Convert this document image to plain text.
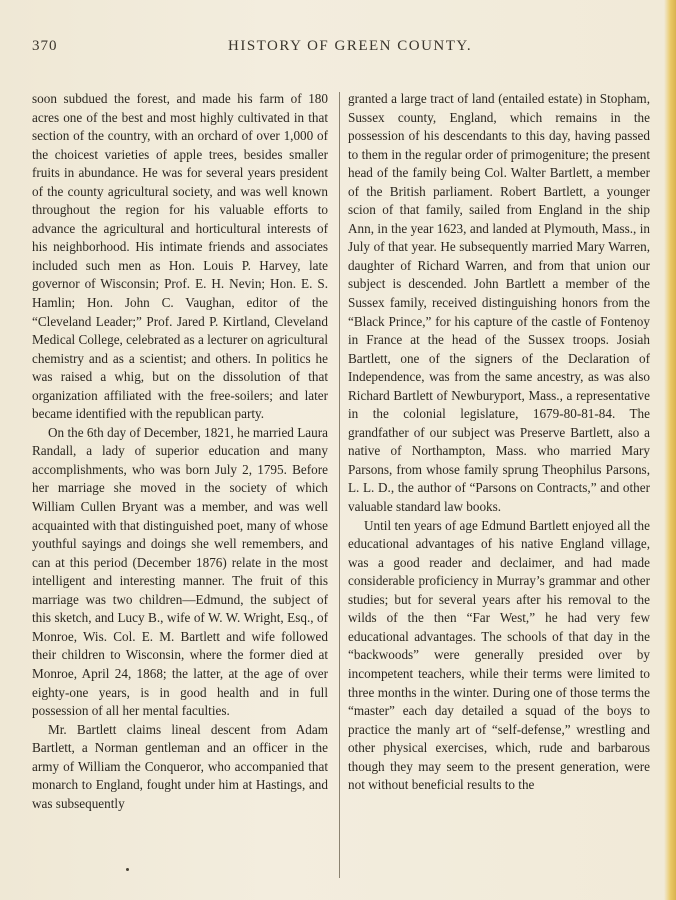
370	HISTORY OF GREEN COUNTY.

soon subdued the forest, and made his farm of 180 acres one of the best and most highly cultivated in that section of the country, with an orchard of over 1,000 of the choicest varieties of apple trees, besides smaller fruits in abundance. He was for several years president of the county agricultural society, and was well known throughout the region for his valuable efforts to advance the agricultural and horticultural interests of his neighborhood. His intimate friends and associates included such men as Hon. Louis P. Harvey, late governor of Wisconsin; Prof. E. H. Nevin; Hon. E. S. Hamlin; Hon. John C. Vaughan, editor of the “Cleveland Leader;” Prof. Jared P. Kirtland, Cleveland Medical College, celebrated as a lecturer on agricultural chemistry and as a scientist; and others. In politics he was raised a whig, but on the dissolution of that organization affiliated with the free-soilers; and later became identified with the republican party.

On the 6th day of December, 1821, he married Laura Randall, a lady of superior education and many accomplishments, who was born July 2, 1795. Before her marriage she moved in the society of which William Cullen Bryant was a member, and was well acquainted with that distinguished poet, many of whose youthful sayings and doings she well remembers, and can at this period (December 1876) relate in the most intelligent and interesting manner. The fruit of this marriage was two children—Edmund, the subject of this sketch, and Lucy B., wife of W. W. Wright, Esq., of Monroe, Wis. Col. E. M. Bartlett and wife followed their children to Wisconsin, where the former died at Monroe, April 24, 1868; the latter, at the age of over eighty-one years, is in good health and in full possession of all her mental faculties.

Mr. Bartlett claims lineal descent from Adam Bartlett, a Norman gentleman and an officer in the army of William the Conqueror, who accompanied that monarch to England, fought under him at Hastings, and was subsequently

granted a large tract of land (entailed estate) in Stopham, Sussex county, England, which remains in the possession of his descendants to this day, having passed to them in the regular order of primogeniture; the present head of the family being Col. Walter Bartlett, a member of the British parliament. Robert Bartlett, a younger scion of that family, sailed from England in the ship Ann, in the year 1623, and landed at Plymouth, Mass., in July of that year. He subsequently married Mary Warren, daughter of Richard Warren, and from that union our subject is descended. John Bartlett a member of the Sussex family, received distinguishing honors from the “Black Prince,” for his capture of the castle of Fontenoy in France at the head of the Sussex troops. Josiah Bartlett, one of the signers of the Declaration of Independence, was from the same ancestry, as was also Richard Bartlett of Newburyport, Mass., a representative in the colonial legislature, 1679-80-81-84. The grandfather of our subject was Preserve Bartlett, also a native of Northampton, Mass. who married Mary Parsons, from whose family sprung Theophilus Parsons, L. L. D., the author of “Parsons on Contracts,” and other valuable standard law books.

Until ten years of age Edmund Bartlett enjoyed all the educational advantages of his native England village, was a good reader and declaimer, and had made considerable proficiency in Murray’s grammar and other studies; but for several years after his removal to the wilds of the then “Far West,” he had very few educational advantages. The schools of that day in the “backwoods” were generally presided over by incompetent teachers, while their terms were limited to three months in the winter. During one of those terms the “master” each day detailed a squad of the boys to practice the manly art of “self-defense,” wrestling and other physical exercises, which, rude and barbarous though they may seem to the present generation, were not without beneficial results to the
